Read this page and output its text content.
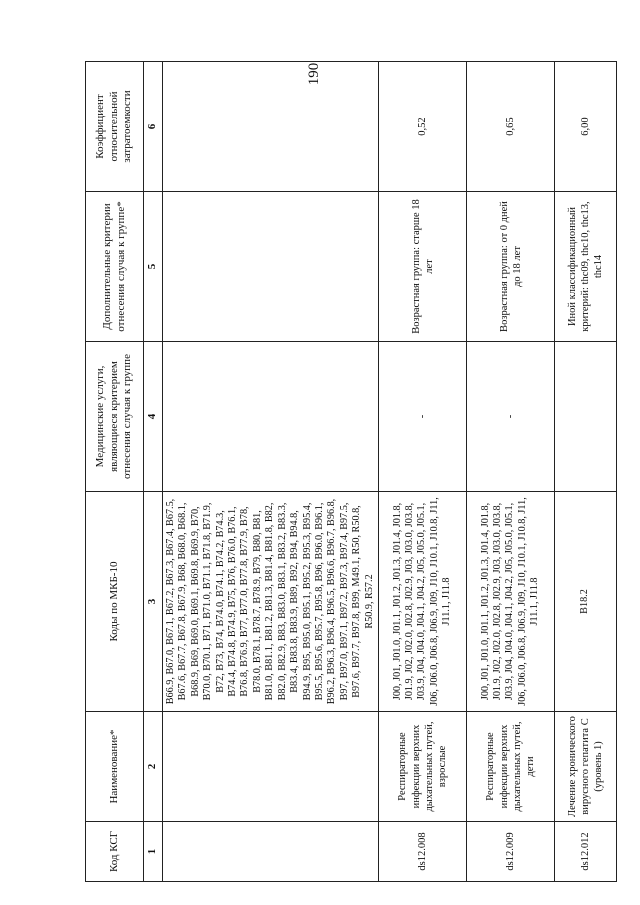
190
Код КСГ	Наименование*	Коды по МКБ-10	Медицинские услуги, являющиеся критерием отнесения случая к группе	Дополнительные критерии отнесения случая к группе*	Коэффициент относительной затратоемкости
1	2	3	4	5	6
		B66.9, B67.0, B67.1, B67.2, B67.3, B67.4, B67.5, B67.6, B67.7, B67.8, B67.9, B68, B68.0, B68.1, B68.9, B69, B69.0, B69.1, B69.8, B69.9, B70, B70.0, B70.1, B71, B71.0, B71.1, B71.8, B71.9, B72, B73, B74, B74.0, B74.1, B74.2, B74.3, B74.4, B74.8, B74.9, B75, B76, B76.0, B76.1, B76.8, B76.9, B77, B77.0, B77.8, B77.9, B78, B78.0, B78.1, B78.7, B78.9, B79, B80, B81, B81.0, B81.1, B81.2, B81.3, B81.4, B81.8, B82, B82.0, B82.9, B83, B83.0, B83.1, B83.2, B83.3, B83.4, B83.8, B83.9, B89, B92, B94, B94.8, B94.9, B95, B95.0, B95.1, B95.2, B95.3, B95.4, B95.5, B95.6, B95.7, B95.8, B96, B96.0, B96.1, B96.2, B96.3, B96.4, B96.5, B96.6, B96.7, B96.8, B97, B97.0, B97.1, B97.2, B97.3, B97.4, B97.5, B97.6, B97.7, B97.8, B99, M49.1, R50, R50.8, R50.9, R57.2			
ds12.008	Респираторные инфекции верхних дыхательных путей, взрослые	J00, J01, J01.0, J01.1, J01.2, J01.3, J01.4, J01.8, J01.9, J02, J02.0, J02.8, J02.9, J03, J03.0, J03.8, J03.9, J04, J04.0, J04.1, J04.2, J05, J05.0, J05.1, J06, J06.0, J06.8, J06.9, J09, J10, J10.1, J10.8, J11, J11.1, J11.8	-	Возрастная группа: старше 18 лет	0,52
ds12.009	Респираторные инфекции верхних дыхательных путей, дети	J00, J01, J01.0, J01.1, J01.2, J01.3, J01.4, J01.8, J01.9, J02, J02.0, J02.8, J02.9, J03, J03.0, J03.8, J03.9, J04, J04.0, J04.1, J04.2, J05, J05.0, J05.1, J06, J06.0, J06.8, J06.9, J09, J10, J10.1, J10.8, J11, J11.1, J11.8	-	Возрастная группа: от 0 дней до 18 лет	0,65
ds12.012	Лечение хронического вирусного гепатита C (уровень 1)	B18.2		Иной классификационный критерий: thc09, thc10, thc13, thc14	6,00
